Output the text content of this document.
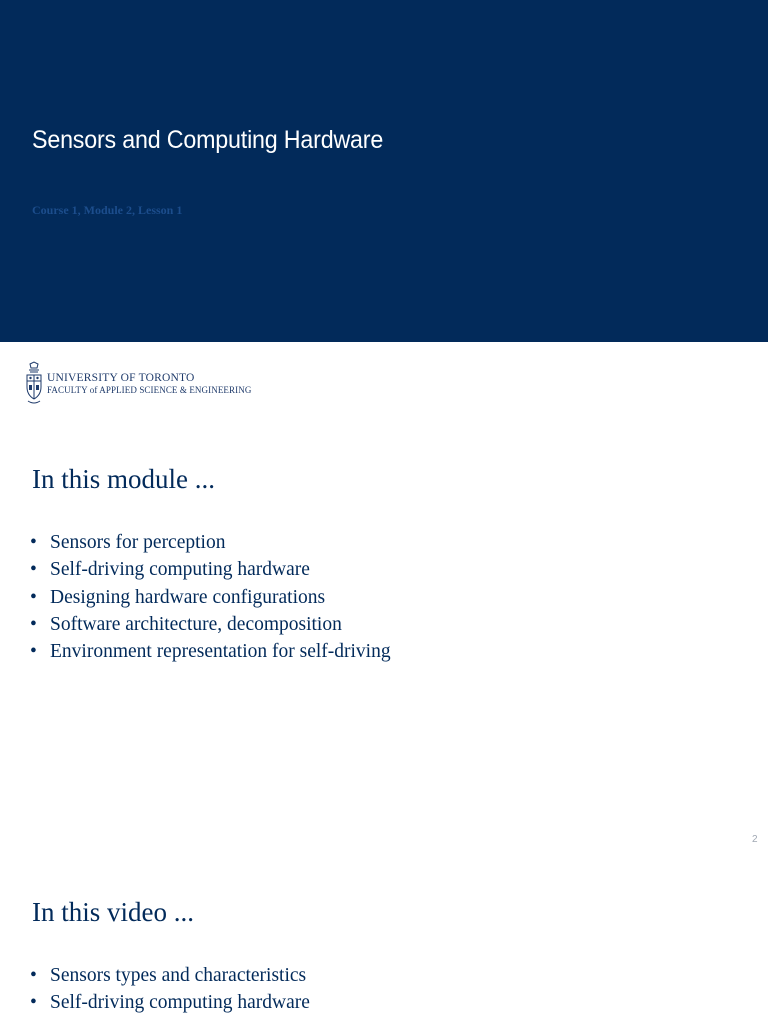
Sensors and Computing Hardware
Course 1, Module 2, Lesson 1
UNIVERSITY OF TORONTO
FACULTY of APPLIED SCIENCE & ENGINEERING
In this module ...
• Sensors for perception
• Self-driving computing hardware
• Designing hardware configurations
• Software architecture, decomposition
• Environment representation for self-driving
2
In this video ...
• Sensors types and characteristics
• Self-driving computing hardware
